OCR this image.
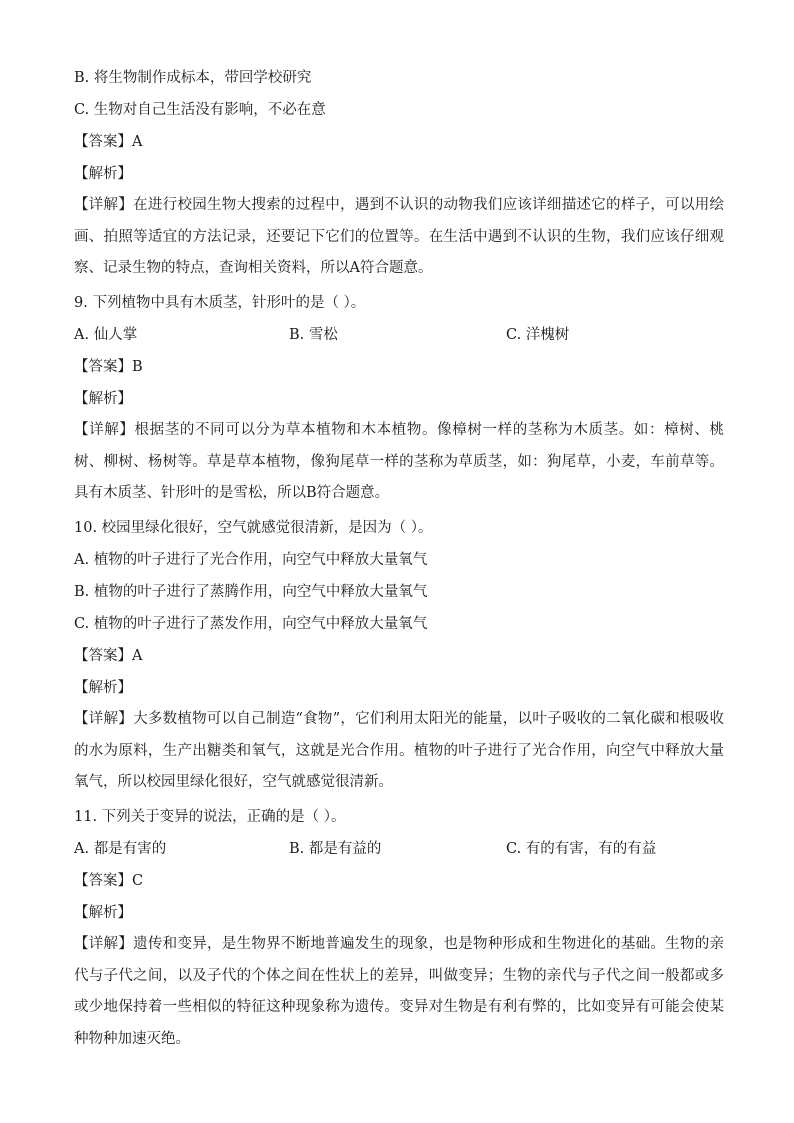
B. 将生物制作成标本，带回学校研究
C. 生物对自己生活没有影响，不必在意
【答案】A
【解析】
【详解】在进行校园生物大搜索的过程中，遇到不认识的动物我们应该详细描述它的样子，可以用绘画、拍照等适宜的方法记录，还要记下它们的位置等。在生活中遇到不认识的生物，我们应该仔细观察、记录生物的特点，查询相关资料，所以A符合题意。
9. 下列植物中具有木质茎，针形叶的是（ ）。
A. 仙人掌	B. 雪松	C. 洋槐树
【答案】B
【解析】
【详解】根据茎的不同可以分为草本植物和木本植物。像樟树一样的茎称为木质茎。如：樟树、桃树、柳树、杨树等。草是草本植物，像狗尾草一样的茎称为草质茎，如：狗尾草，小麦，车前草等。具有木质茎、针形叶的是雪松，所以B符合题意。
10. 校园里绿化很好，空气就感觉很清新，是因为（ ）。
A. 植物的叶子进行了光合作用，向空气中释放大量氧气
B. 植物的叶子进行了蒸腾作用，向空气中释放大量氧气
C. 植物的叶子进行了蒸发作用，向空气中释放大量氧气
【答案】A
【解析】
【详解】大多数植物可以自己制造“食物”，它们利用太阳光的能量，以叶子吸收的二氧化碳和根吸收的水为原料，生产出糖类和氧气，这就是光合作用。植物的叶子进行了光合作用，向空气中释放大量氧气，所以校园里绿化很好，空气就感觉很清新。
11. 下列关于变异的说法，正确的是（ ）。
A. 都是有害的	B. 都是有益的	C. 有的有害，有的有益
【答案】C
【解析】
【详解】遗传和变异，是生物界不断地普遍发生的现象，也是物种形成和生物进化的基础。生物的亲代与子代之间，以及子代的个体之间在性状上的差异，叫做变异；生物的亲代与子代之间一般都或多或少地保持着一些相似的特征这种现象称为遗传。变异对生物是有利有弊的，比如变异有可能会使某种物种加速灭绝。
